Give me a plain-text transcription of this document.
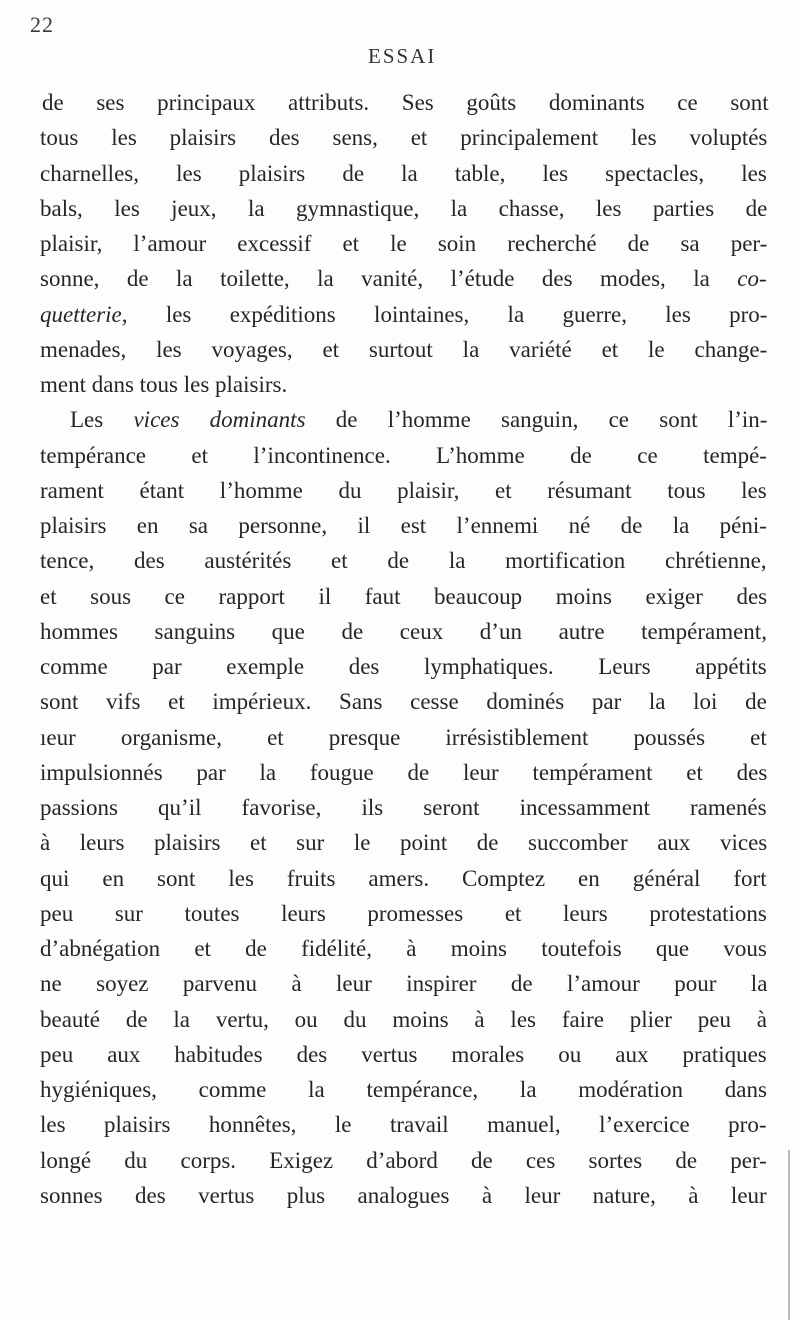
22
ESSAI
de ses principaux attributs. Ses goûts dominants ce sont
tous les plaisirs des sens, et principalement les voluptés
charnelles, les plaisirs de la table, les spectacles, les
bals, les jeux, la gymnastique, la chasse, les parties de
plaisir, l’amour excessif et le soin recherché de sa per-
sonne, de la toilette, la vanité, l’étude des modes, la co-
quetterie, les expéditions lointaines, la guerre, les pro-
menades, les voyages, et surtout la variété et le change-
ment dans tous les plaisirs.
Les vices dominants de l’homme sanguin, ce sont l’in-
tempérance et l’incontinence. L’homme de ce tempé-
rament étant l’homme du plaisir, et résumant tous les
plaisirs en sa personne, il est l’ennemi né de la péni-
tence, des austérités et de la mortification chrétienne,
et sous ce rapport il faut beaucoup moins exiger des
hommes sanguins que de ceux d’un autre tempérament,
comme par exemple des lymphatiques. Leurs appétits
sont vifs et impérieux. Sans cesse dominés par la loi de
ıeur organisme, et presque irrésistiblement poussés et
impulsionnés par la fougue de leur tempérament et des
passions qu’il favorise, ils seront incessamment ramenés
à leurs plaisirs et sur le point de succomber aux vices
qui en sont les fruits amers. Comptez en général fort
peu sur toutes leurs promesses et leurs protestations
d’abnégation et de fidélité, à moins toutefois que vous
ne soyez parvenu à leur inspirer de l’amour pour la
beauté de la vertu, ou du moins à les faire plier peu à
peu aux habitudes des vertus morales ou aux pratiques
hygiéniques, comme la tempérance, la modération dans
les plaisirs honnêtes, le travail manuel, l’exercice pro-
longé du corps. Exigez d’abord de ces sortes de per-
sonnes des vertus plus analogues à leur nature, à leur
